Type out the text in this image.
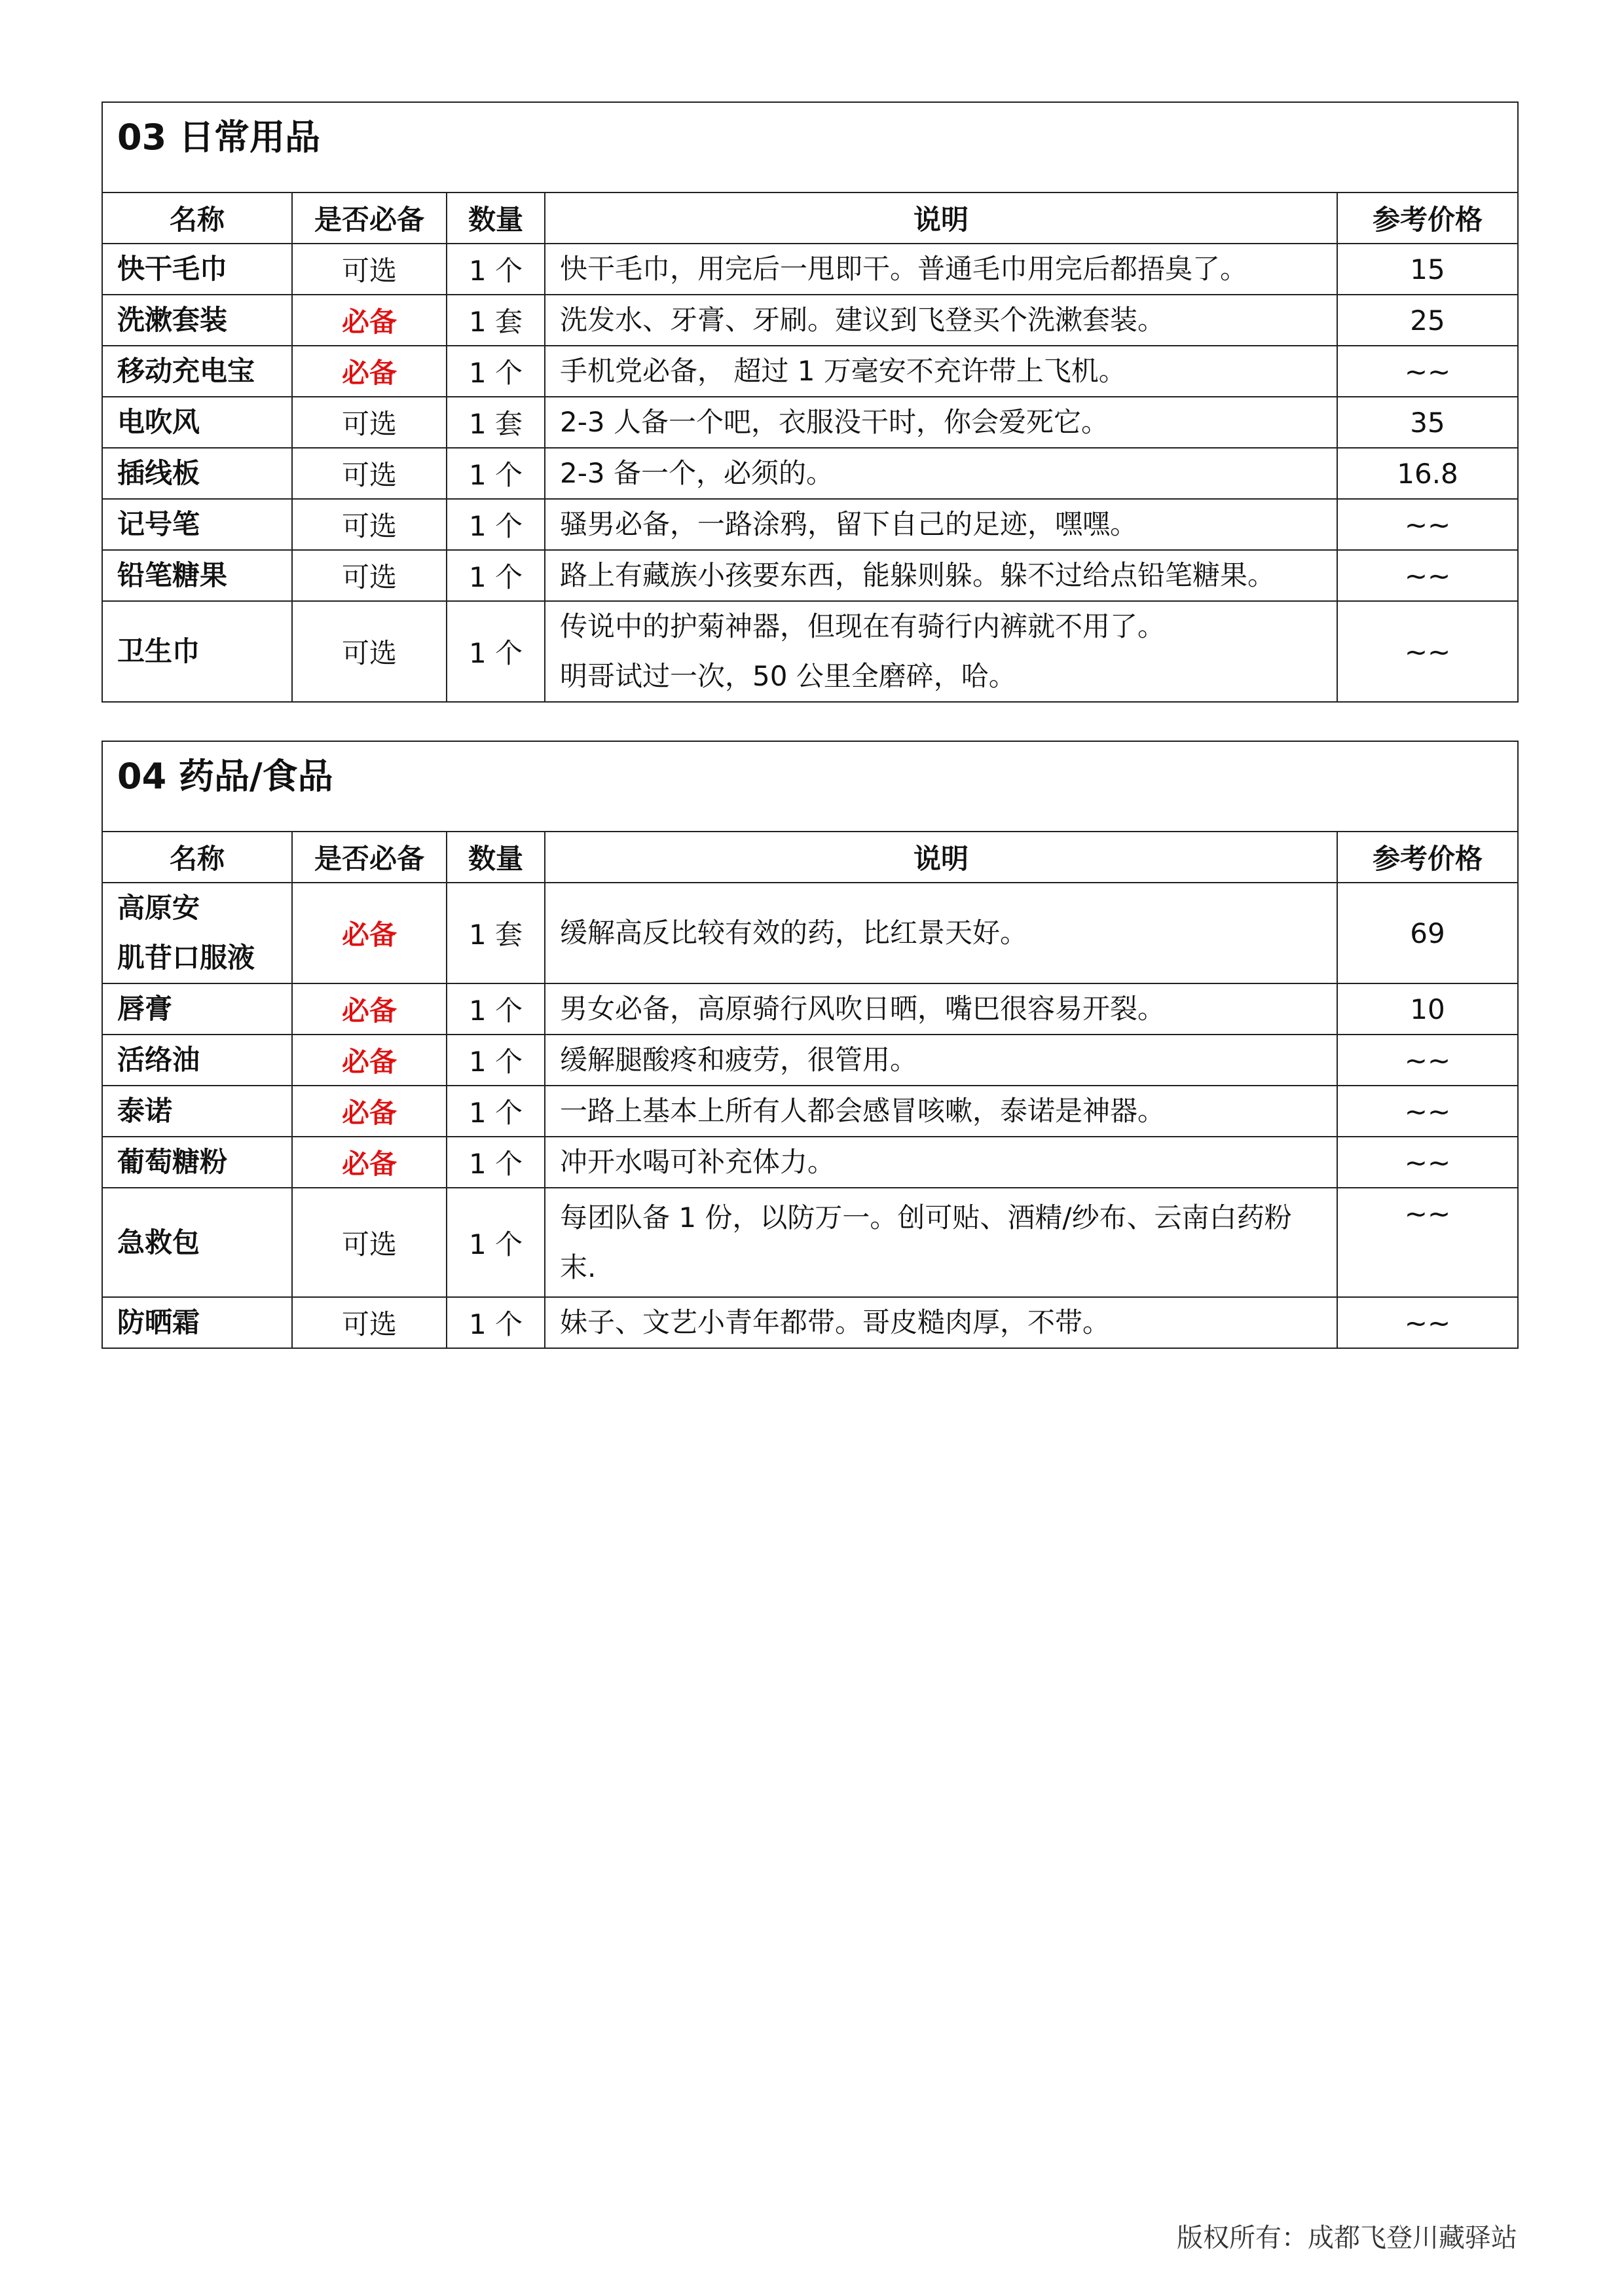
03 日常用品				
名称	是否必备	数量	说明	参考价格

快干毛巾	可选	1 个	快干毛巾，用完后一甩即干。普通毛巾用完后都捂臭了。	15

洗漱套装	必备	1 套	洗发水、牙膏、牙刷。建议到飞登买个洗漱套装。	25

移动充电宝	必备	1 个	手机党必备， 超过 1 万毫安不充许带上飞机。	~~

电吹风	可选	1 套	2-3 人备一个吧，衣服没干时，你会爱死它。	35

插线板	可选	1 个	2-3 备一个，必须的。	16.8

记号笔	可选	1 个	骚男必备，一路涂鸦，留下自己的足迹，嘿嘿。	~~

铅笔糖果	可选	1 个	路上有藏族小孩要东西，能躲则躲。躲不过给点铅笔糖果。	~~

卫生巾	可选	1 个	传说中的护菊神器，但现在有骑行内裤就不用了。
明哥试过一次，50 公里全磨碎，哈。	~~
04 药品/食品				
名称	是否必备	数量	说明	参考价格

高原安
肌苷口服液	必备	1 套	缓解高反比较有效的药，比红景天好。	69

唇膏	必备	1 个	男女必备，高原骑行风吹日晒，嘴巴很容易开裂。	10

活络油	必备	1 个	缓解腿酸疼和疲劳，很管用。	~~

泰诺	必备	1 个	一路上基本上所有人都会感冒咳嗽，泰诺是神器。	~~

葡萄糖粉	必备	1 个	冲开水喝可补充体力。	~~

急救包	可选	1 个	每团队备 1 份，以防万一。创可贴、酒精/纱布、云南白药粉
末.	~~

防晒霜	可选	1 个	妹子、文艺小青年都带。哥皮糙肉厚，不带。	~~
版权所有：成都飞登川藏驿站
